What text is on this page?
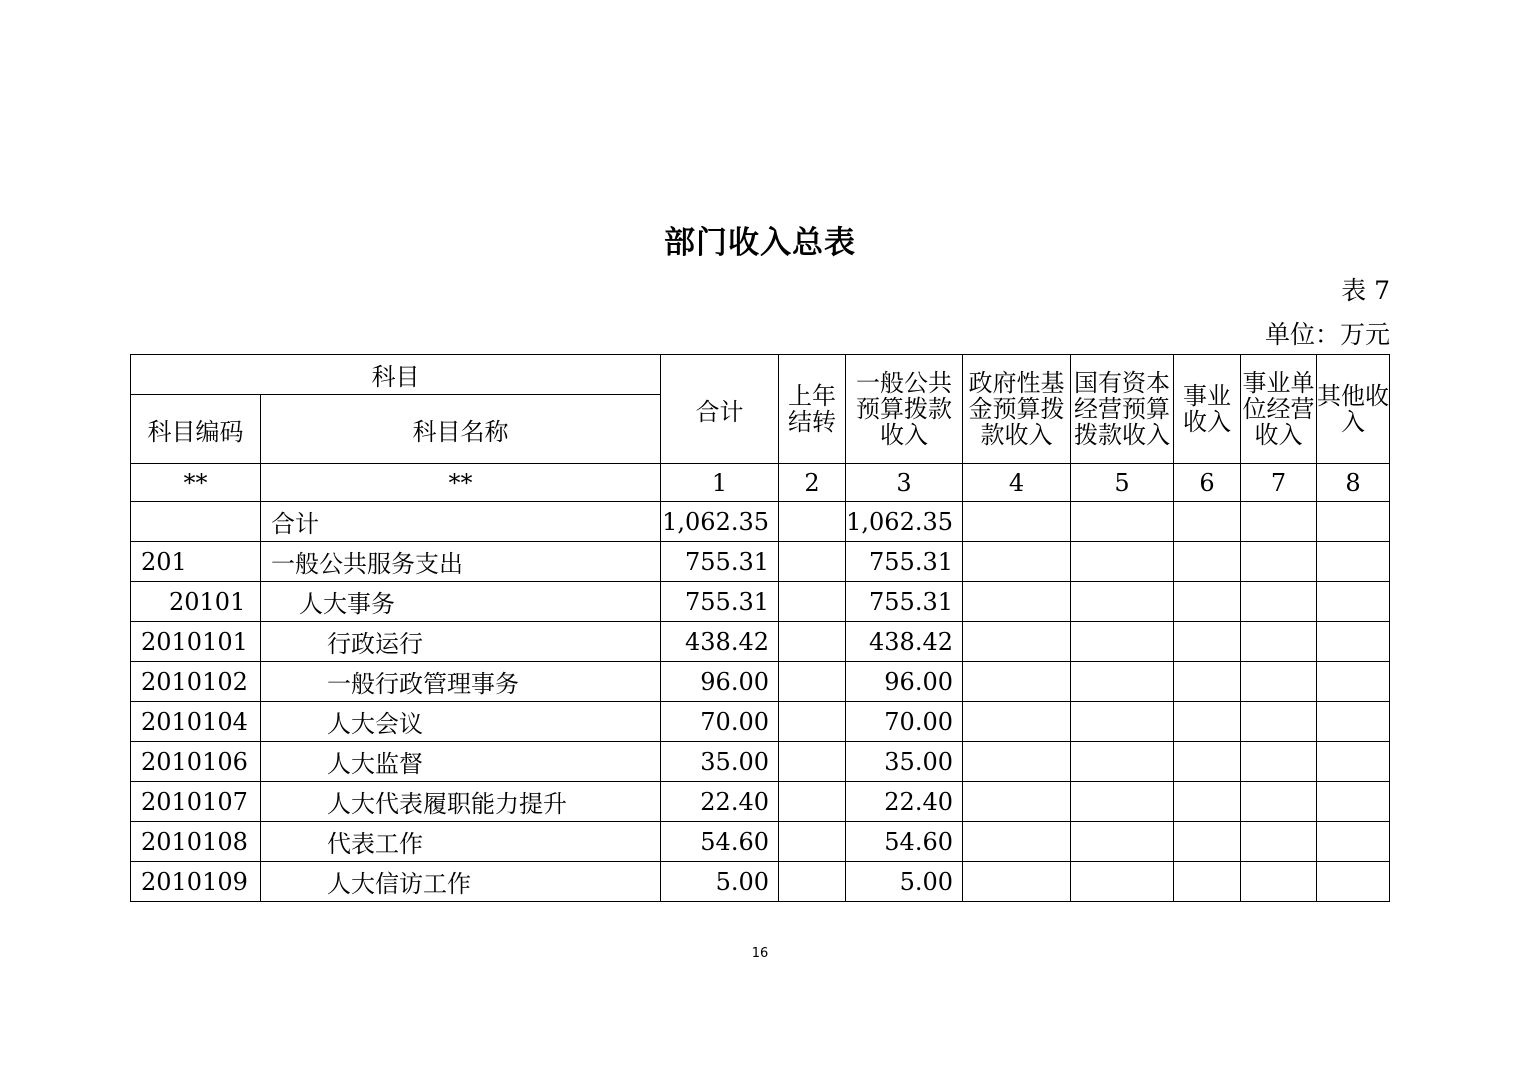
部门收入总表
表 7
单位：万元
科目		合计	上年结转	一般公共预算拨款收入	政府性基金预算拨款收入	国有资本经营预算拨款收入	事业收入	事业单位经营收入	其他收入
科目编码	科目名称								
**	**	1	2	3	4	5	6	7	8
	合计	1,062.35		1,062.35					
201	一般公共服务支出	755.31		755.31					
20101	人大事务	755.31		755.31					
2010101	行政运行	438.42		438.42					
2010102	一般行政管理事务	96.00		96.00					
2010104	人大会议	70.00		70.00					
2010106	人大监督	35.00		35.00					
2010107	人大代表履职能力提升	22.40		22.40					
2010108	代表工作	54.60		54.60					
2010109	人大信访工作	5.00		5.00					
16
